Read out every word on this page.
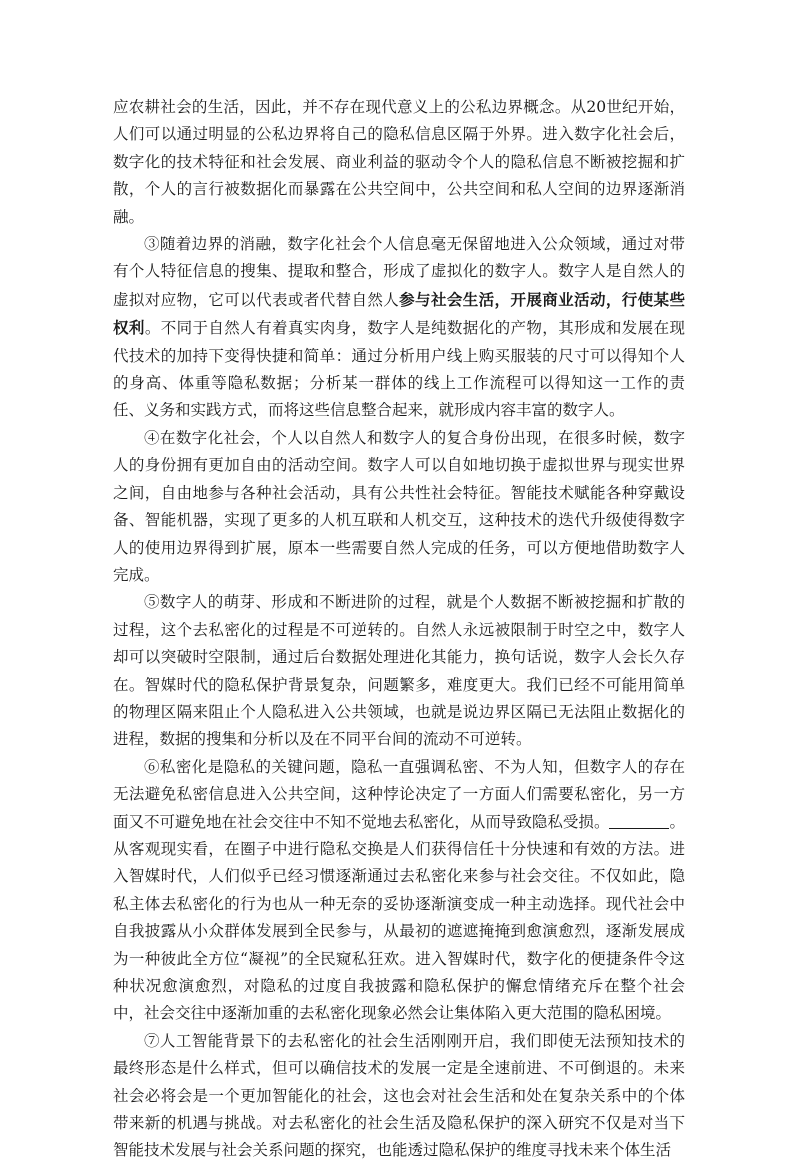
应农耕社会的生活，因此，并不存在现代意义上的公私边界概念。从20世纪开始，人们可以通过明显的公私边界将自己的隐私信息区隔于外界。进入数字化社会后，数字化的技术特征和社会发展、商业利益的驱动令个人的隐私信息不断被挖掘和扩散，个人的言行被数据化而暴露在公共空间中，公共空间和私人空间的边界逐渐消融。

③随着边界的消融，数字化社会个人信息毫无保留地进入公众领域，通过对带有个人特征信息的搜集、提取和整合，形成了虚拟化的数字人。数字人是自然人的虚拟对应物，它可以代表或者代替自然人参与社会生活，开展商业活动，行使某些权利。不同于自然人有着真实肉身，数字人是纯数据化的产物，其形成和发展在现代技术的加持下变得快捷和简单：通过分析用户线上购买服装的尺寸可以得知个人的身高、体重等隐私数据；分析某一群体的线上工作流程可以得知这一工作的责任、义务和实践方式，而将这些信息整合起来，就形成内容丰富的数字人。

④在数字化社会，个人以自然人和数字人的复合身份出现，在很多时候，数字人的身份拥有更加自由的活动空间。数字人可以自如地切换于虚拟世界与现实世界之间，自由地参与各种社会活动，具有公共性社会特征。智能技术赋能各种穿戴设备、智能机器，实现了更多的人机互联和人机交互，这种技术的迭代升级使得数字人的使用边界得到扩展，原本一些需要自然人完成的任务，可以方便地借助数字人完成。

⑤数字人的萌芽、形成和不断进阶的过程，就是个人数据不断被挖掘和扩散的过程，这个去私密化的过程是不可逆转的。自然人永远被限制于时空之中，数字人却可以突破时空限制，通过后台数据处理进化其能力，换句话说，数字人会长久存在。智媒时代的隐私保护背景复杂，问题繁多，难度更大。我们已经不可能用简单的物理区隔来阻止个人隐私进入公共领域，也就是说边界区隔已无法阻止数据化的进程，数据的搜集和分析以及在不同平台间的流动不可逆转。

⑥私密化是隐私的关键问题，隐私一直强调私密、不为人知，但数字人的存在无法避免私密信息进入公共空间，这种悖论决定了一方面人们需要私密化，另一方面又不可避免地在社会交往中不知不觉地去私密化，从而导致隐私受损。	。从客观现实看，在圈子中进行隐私交换是人们获得信任十分快速和有效的方法。进入智媒时代，人们似乎已经习惯逐渐通过去私密化来参与社会交往。不仅如此，隐私主体去私密化的行为也从一种无奈的妥协逐渐演变成一种主动选择。现代社会中自我披露从小众群体发展到全民参与，从最初的遮遮掩掩到愈演愈烈，逐渐发展成为一种彼此全方位“凝视”的全民窥私狂欢。进入智媒时代，数字化的便捷条件令这种状况愈演愈烈，对隐私的过度自我披露和隐私保护的懈怠情绪充斥在整个社会中，社会交往中逐渐加重的去私密化现象必然会让集体陷入更大范围的隐私困境。

⑦人工智能背景下的去私密化的社会生活刚刚开启，我们即使无法预知技术的最终形态是什么样式，但可以确信技术的发展一定是全速前进、不可倒退的。未来社会必将会是一个更加智能化的社会，这也会对社会生活和处在复杂关系中的个体带来新的机遇与挑战。对去私密化的社会生活及隐私保护的深入研究不仅是对当下智能技术发展与社会关系问题的探究，也能透过隐私保护的维度寻找未来个体生活
